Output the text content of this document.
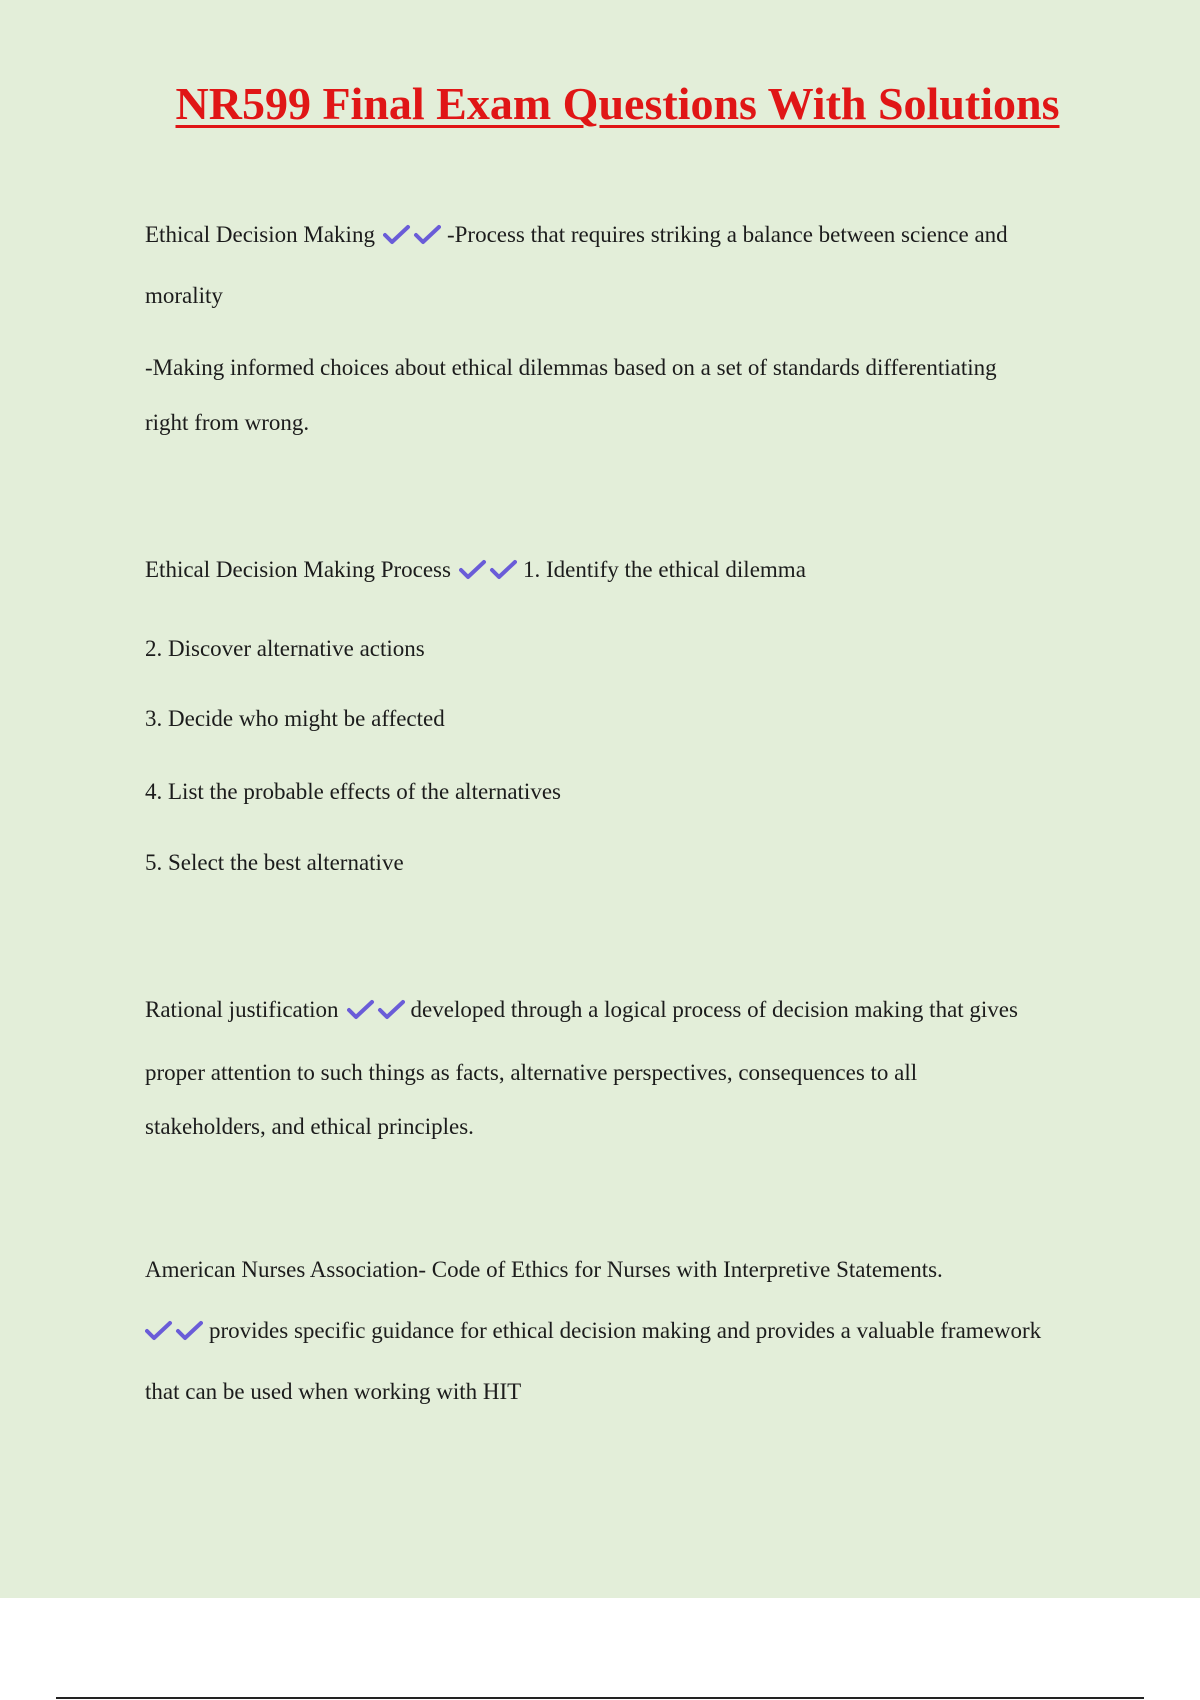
NR599 Final Exam Questions With Solutions

Ethical Decision Making	-Process that requires striking a balance between science and

morality

-Making informed choices about ethical dilemmas based on a set of standards differentiating

right from wrong.

Ethical Decision Making Process	1. Identify the ethical dilemma

2. Discover alternative actions

3. Decide who might be affected

4. List the probable effects of the alternatives

5. Select the best alternative

Rational justification	developed through a logical process of decision making that gives

proper attention to such things as facts, alternative perspectives, consequences to all

stakeholders, and ethical principles.

American Nurses Association- Code of Ethics for Nurses with Interpretive Statements.

provides specific guidance for ethical decision making and provides a valuable framework

that can be used when working with HIT
